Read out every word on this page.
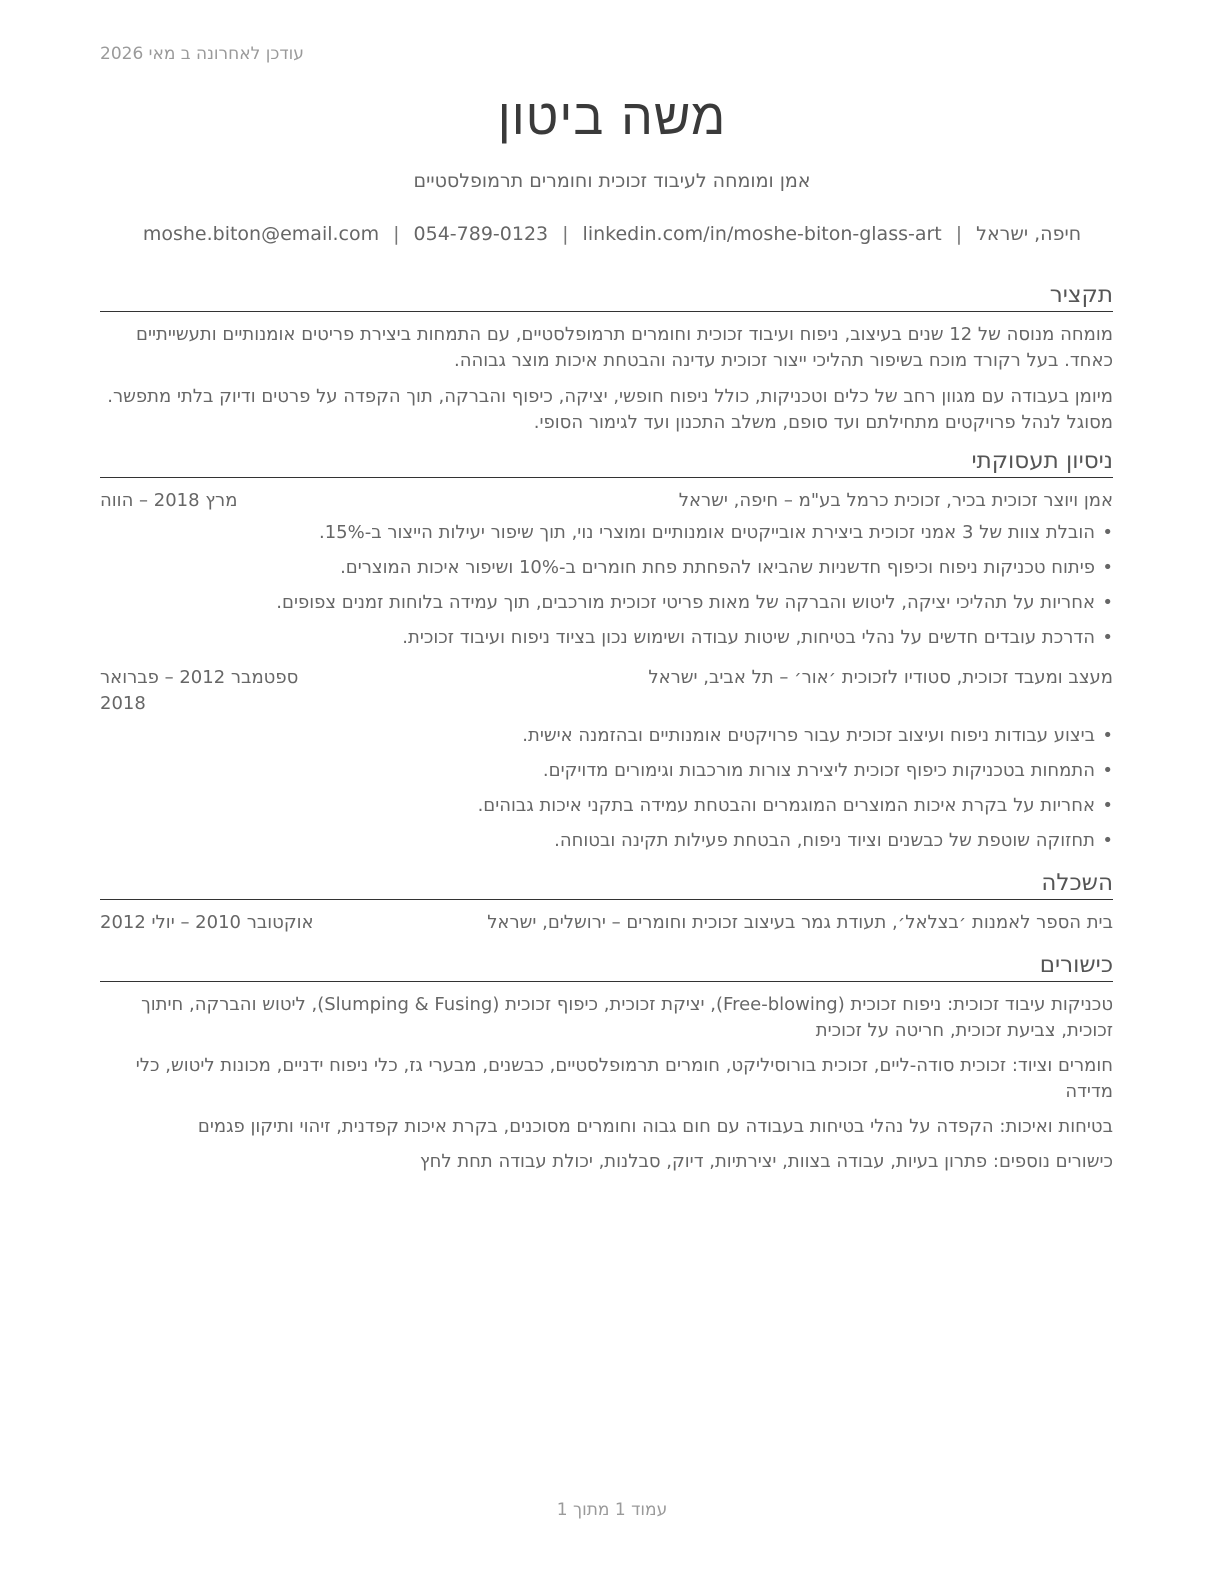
עודכן לאחרונה ב מאי 2026
משה ביטון
אמן ומומחה לעיבוד זכוכית וחומרים תרמופלסטיים
חיפה, ישראל|moshe.biton@email.com | 054-789-0123 | linkedin.com/in/moshe-biton-glass-art
תקציר

מומחה מנוסה של 12 שנים בעיצוב, ניפוח ועיבוד זכוכית וחומרים תרמופלסטיים, עם התמחות ביצירת פריטים אומנותיים ותעשייתיים כאחד. בעל רקורד מוכח בשיפור תהליכי ייצור זכוכית עדינה והבטחת איכות מוצר גבוהה.

מיומן בעבודה עם מגוון רחב של כלים וטכניקות, כולל ניפוח חופשי, יציקה, כיפוף והברקה, תוך הקפדה על פרטים ודיוק בלתי מתפשר. מסוגל לנהל פרויקטים מתחילתם ועד סופם, משלב התכנון ועד לגימור הסופי.

ניסיון תעסוקתי
אמן ויוצר זכוכית בכיר, זכוכית כרמל בע"מ – חיפה, ישראל
מרץ 2018 – הווה
• הובלת צוות של 3 אמני זכוכית ביצירת אובייקטים אומנותיים ומוצרי נוי, תוך שיפור יעילות הייצור ב-15%.
• פיתוח טכניקות ניפוח וכיפוף חדשניות שהביאו להפחתת פחת חומרים ב-10% ושיפור איכות המוצרים.
• אחריות על תהליכי יציקה, ליטוש והברקה של מאות פריטי זכוכית מורכבים, תוך עמידה בלוחות זמנים צפופים.
• הדרכת עובדים חדשים על נהלי בטיחות, שיטות עבודה ושימוש נכון בציוד ניפוח ועיבוד זכוכית.
מעצב ומעבד זכוכית, סטודיו לזכוכית ׳אור׳ – תל אביב, ישראל
ספטמבר 2012 – פברואר 2018
• ביצוע עבודות ניפוח ועיצוב זכוכית עבור פרויקטים אומנותיים ובהזמנה אישית.
• התמחות בטכניקות כיפוף זכוכית ליצירת צורות מורכבות וגימורים מדויקים.
• אחריות על בקרת איכות המוצרים המוגמרים והבטחת עמידה בתקני איכות גבוהים.
• תחזוקה שוטפת של כבשנים וציוד ניפוח, הבטחת פעילות תקינה ובטוחה.
השכלה
בית הספר לאמנות ׳בצלאל׳, תעודת גמר בעיצוב זכוכית וחומרים – ירושלים, ישראל
אוקטובר 2010 – יולי 2012
כישורים
טכניקות עיבוד זכוכית: ניפוח זכוכית (Free-blowing), יציקת זכוכית, כיפוף זכוכית (Slumping & Fusing), ליטוש והברקה, חיתוך זכוכית, צביעת זכוכית, חריטה על זכוכית
חומרים וציוד: זכוכית סודה-ליים, זכוכית בורוסיליקט, חומרים תרמופלסטיים, כבשנים, מבערי גז, כלי ניפוח ידניים, מכונות ליטוש, כלי מדידה
בטיחות ואיכות: הקפדה על נהלי בטיחות בעבודה עם חום גבוה וחומרים מסוכנים, בקרת איכות קפדנית, זיהוי ותיקון פגמים
כישורים נוספים: פתרון בעיות, עבודה בצוות, יצירתיות, דיוק, סבלנות, יכולת עבודה תחת לחץ
עמוד 1 מתוך 1
